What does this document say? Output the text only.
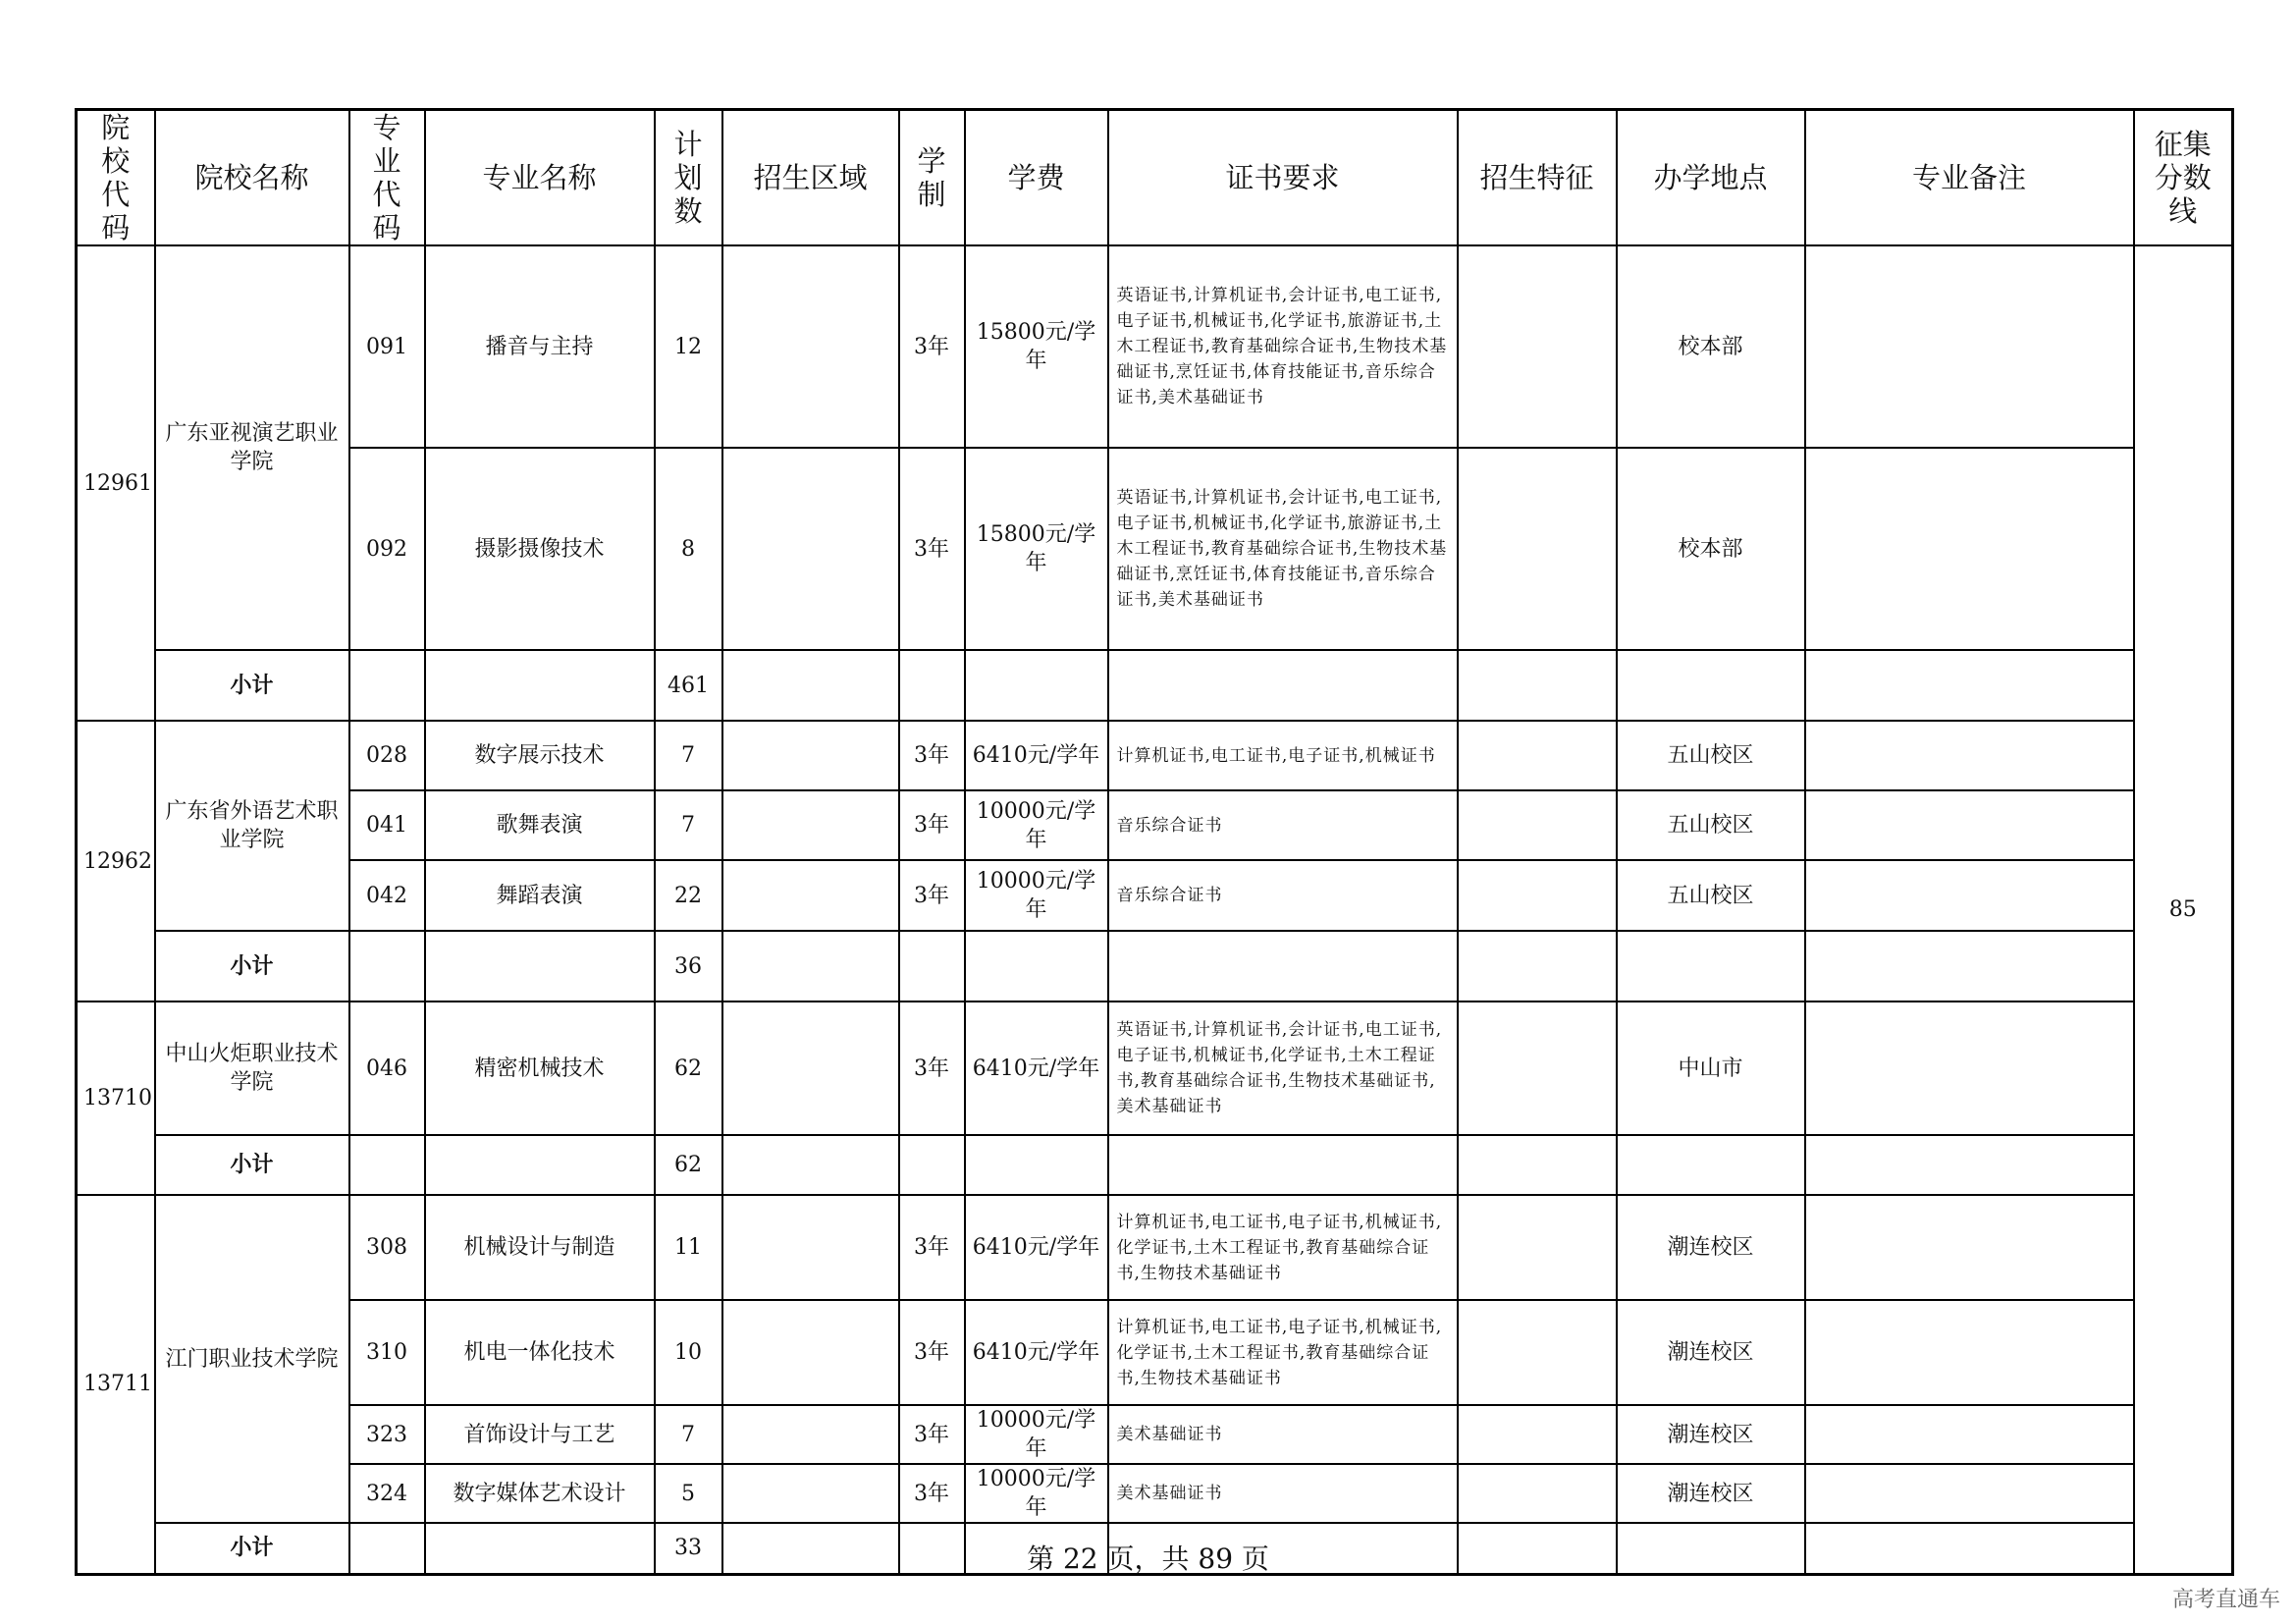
院校代码	院校名称	专业代码	专业名称	计划数	招生区域	学制	学费	证书要求	招生特征	办学地点	专业备注	征集分数线
12961	广东亚视演艺职业学院	091	播音与主持	12		3年	15800元/学年	英语证书,计算机证书,会计证书,电工证书,电子证书,机械证书,化学证书,旅游证书,土木工程证书,教育基础综合证书,生物技术基础证书,烹饪证书,体育技能证书,音乐综合证书,美术基础证书		校本部		85
		092	摄影摄像技术	8		3年	15800元/学年	英语证书,计算机证书,会计证书,电工证书,电子证书,机械证书,化学证书,旅游证书,土木工程证书,教育基础综合证书,生物技术基础证书,烹饪证书,体育技能证书,音乐综合证书,美术基础证书		校本部		
	小计			461								
12962	广东省外语艺术职业学院	028	数字展示技术	7		3年	6410元/学年	计算机证书,电工证书,电子证书,机械证书		五山校区		
		041	歌舞表演	7		3年	10000元/学年	音乐综合证书		五山校区		
		042	舞蹈表演	22		3年	10000元/学年	音乐综合证书		五山校区		
	小计			36								
13710	中山火炬职业技术学院	046	精密机械技术	62		3年	6410元/学年	英语证书,计算机证书,会计证书,电工证书,电子证书,机械证书,化学证书,土木工程证书,教育基础综合证书,生物技术基础证书,美术基础证书		中山市		
	小计			62								
13711	江门职业技术学院	308	机械设计与制造	11		3年	6410元/学年	计算机证书,电工证书,电子证书,机械证书,化学证书,土木工程证书,教育基础综合证书,生物技术基础证书		潮连校区		
		310	机电一体化技术	10		3年	6410元/学年	计算机证书,电工证书,电子证书,机械证书,化学证书,土木工程证书,教育基础综合证书,生物技术基础证书		潮连校区		
		323	首饰设计与工艺	7		3年	10000元/学年	美术基础证书		潮连校区		
		324	数字媒体艺术设计	5		3年	10000元/学年	美术基础证书		潮连校区		
	小计			33									第 22 页，共 89 页
高考直通车
